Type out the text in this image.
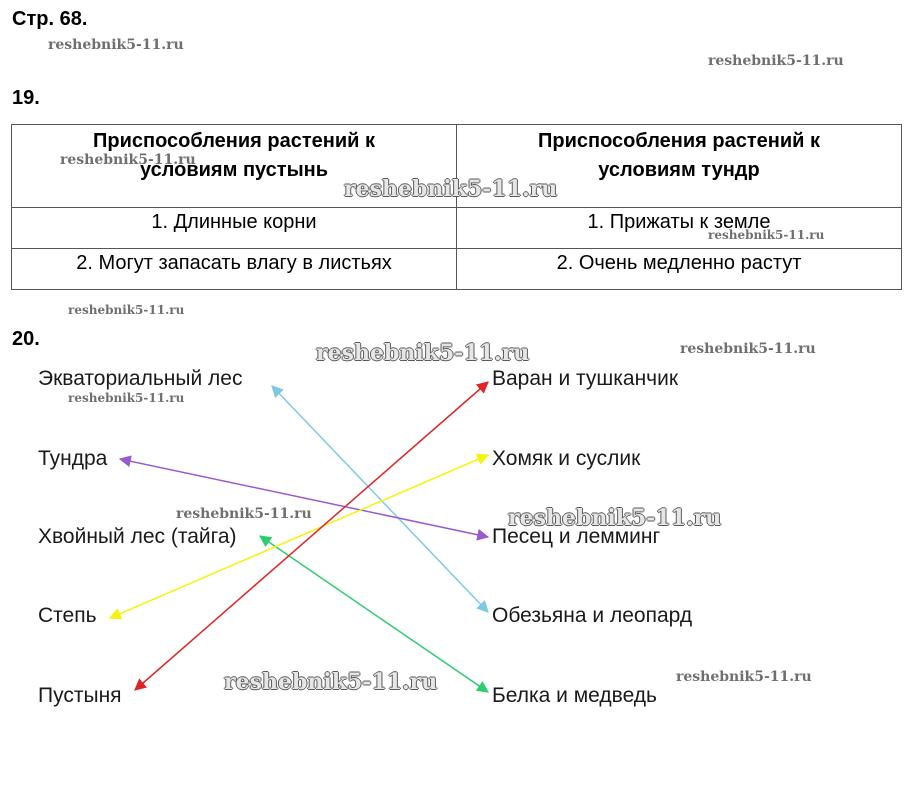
Стр. 68.
19.
Приспособления растений к условиям пустынь	Приспособления растений к условиям тундр
1. Длинные корни	1. Прижаты к земле
2. Могут запасать влагу в листьях	2. Очень медленно растут
20.
Экваториальный лес
Тундра
Хвойный лес (тайга)
Степь
Пустыня
Варан и тушканчик
Хомяк и суслик
Песец и лемминг
Обезьяна и леопард
Белка и медведь
reshebnik5-11.ru
reshebnik5-11.ru
reshebnik5-11.ru
reshebnik5-11.ru
reshebnik5-11.ru
reshebnik5-11.ru
reshebnik5-11.ru	reshebnik5-11.ru
reshebnik5-11.ru
reshebnik5-11.ru	reshebnik5-11.ru
reshebnik5-11.ru	reshebnik5-11.ru
